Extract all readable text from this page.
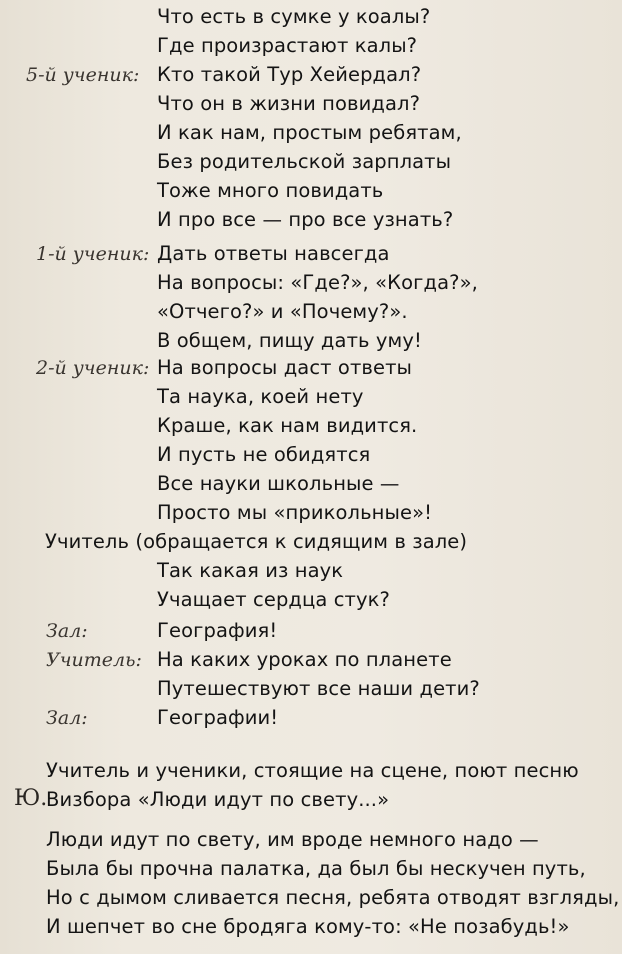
Что есть в сумке у коалы?
Где произрастают калы?
5-й ученик: Кто такой Тур Хейердал?
Что он в жизни повидал?
И как нам, простым ребятам,
Без родительской зарплаты
Тоже много повидать
И про все — про все узнать?
1-й ученик: Дать ответы навсегда
На вопросы: «Где?», «Когда?»,
«Отчего?» и «Почему?».
В общем, пищу дать уму!
2-й ученик: На вопросы даст ответы
Та наука, коей нету
Краше, как нам видится.
И пусть не обидятся
Все науки школьные —
Просто мы «прикольные»!
Учитель (обращается к сидящим в зале)
Так какая из наук
Учащает сердца стук?
Зал:	География!
Учитель: На каких уроках по планете
Путешествуют все наши дети?
Зал:	Географии!
Учитель и ученики, стоящие на сцене, поют песню
Ю.
Визбора «Люди идут по свету...»
Люди идут по свету, им вроде немного надо —
Была бы прочна палатка, да был бы нескучен путь,
Но с дымом сливается песня, ребята отводят взгляды,
И шепчет во сне бродяга кому-то: «Не позабудь!»
